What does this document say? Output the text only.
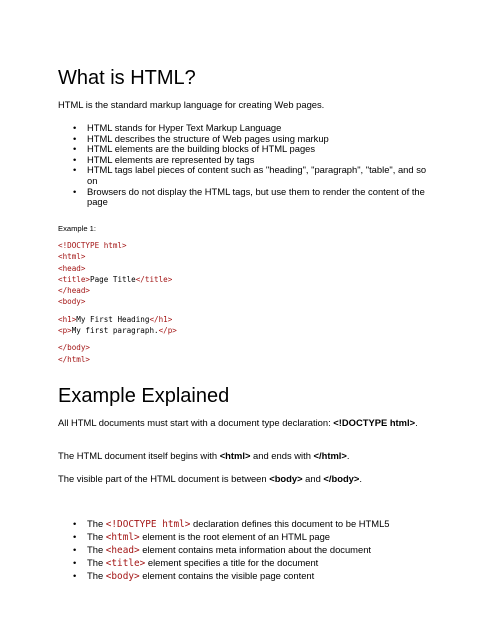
What is HTML?

HTML is the standard markup language for creating Web pages.

• HTML stands for Hyper Text Markup Language
• HTML describes the structure of Web pages using markup
• HTML elements are the building blocks of HTML pages
• HTML elements are represented by tags
• HTML tags label pieces of content such as "heading", "paragraph", "table", and so on
• Browsers do not display the HTML tags, but use them to render the content of the page
Example 1:
<!DOCTYPE html>
<html>
<head>
<title>Page Title</title>
</head>
<body>

<h1>My First Heading</h1>
<p>My first paragraph.</p>

</body>
</html>
Example Explained

All HTML documents must start with a document type declaration: <!DOCTYPE html>.

The HTML document itself begins with <html> and ends with </html>.

The visible part of the HTML document is between <body> and </body>.

• The <!DOCTYPE html> declaration defines this document to be HTML5
• The <html> element is the root element of an HTML page
• The <head> element contains meta information about the document
• The <title> element specifies a title for the document
• The <body> element contains the visible page content
